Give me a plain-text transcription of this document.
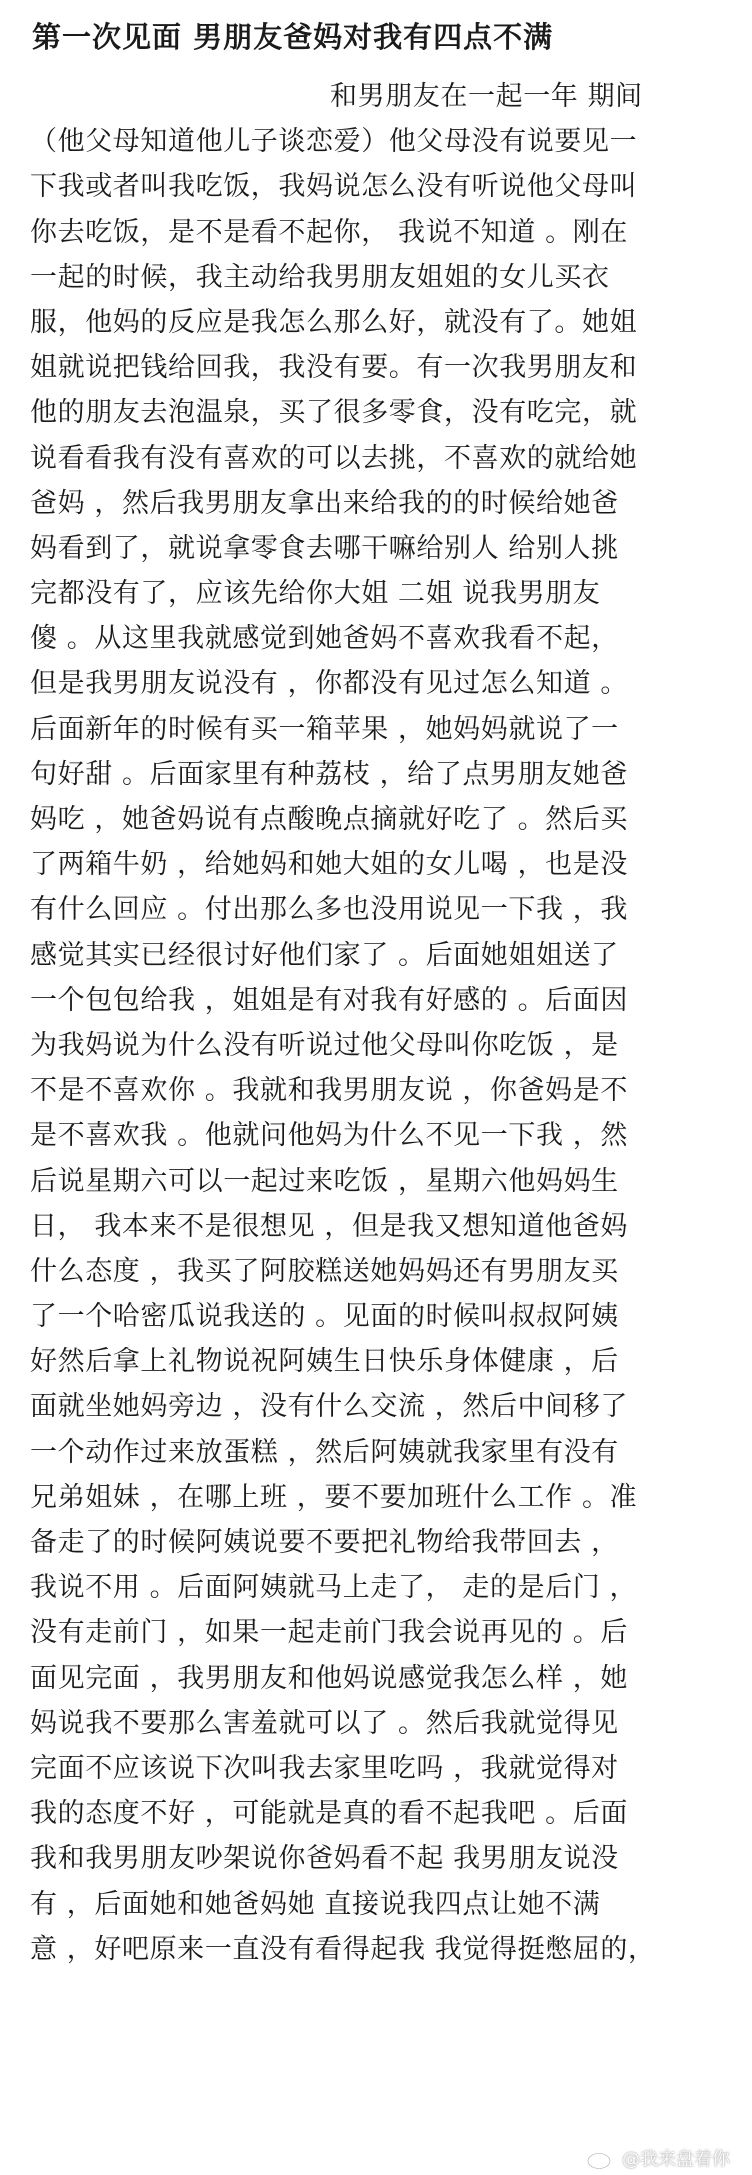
第一次见面 男朋友爸妈对我有四点不满
和男朋友在一起一年 期间
（他父母知道他儿子谈恋爱）他父母没有说要见一
下我或者叫我吃饭，我妈说怎么没有听说他父母叫
你去吃饭，是不是看不起你， 我说不知道 。刚在
一起的时候，我主动给我男朋友姐姐的女儿买衣
服，他妈的反应是我怎么那么好，就没有了。她姐
姐就说把钱给回我，我没有要。有一次我男朋友和
他的朋友去泡温泉，买了很多零食，没有吃完，就
说看看我有没有喜欢的可以去挑，不喜欢的就给她
爸妈 ，然后我男朋友拿出来给我的的时候给她爸
妈看到了，就说拿零食去哪干嘛给别人 给别人挑
完都没有了，应该先给你大姐 二姐 说我男朋友
傻 。从这里我就感觉到她爸妈不喜欢我看不起，
但是我男朋友说没有 ，你都没有见过怎么知道 。
后面新年的时候有买一箱苹果 ，她妈妈就说了一
句好甜 。后面家里有种荔枝 ，给了点男朋友她爸
妈吃 ，她爸妈说有点酸晚点摘就好吃了 。然后买
了两箱牛奶 ，给她妈和她大姐的女儿喝 ，也是没
有什么回应 。付出那么多也没用说见一下我 ，我
感觉其实已经很讨好他们家了 。后面她姐姐送了
一个包包给我 ，姐姐是有对我有好感的 。后面因
为我妈说为什么没有听说过他父母叫你吃饭 ，是
不是不喜欢你 。我就和我男朋友说 ，你爸妈是不
是不喜欢我 。他就问他妈为什么不见一下我 ，然
后说星期六可以一起过来吃饭 ，星期六他妈妈生
日， 我本来不是很想见 ，但是我又想知道他爸妈
什么态度 ，我买了阿胶糕送她妈妈还有男朋友买
了一个哈密瓜说我送的 。见面的时候叫叔叔阿姨
好然后拿上礼物说祝阿姨生日快乐身体健康 ，后
面就坐她妈旁边 ，没有什么交流 ，然后中间移了
一个动作过来放蛋糕 ，然后阿姨就我家里有没有
兄弟姐妹 ，在哪上班 ，要不要加班什么工作 。准
备走了的时候阿姨说要不要把礼物给我带回去 ，
我说不用 。后面阿姨就马上走了， 走的是后门 ，
没有走前门 ，如果一起走前门我会说再见的 。后
面见完面 ，我男朋友和他妈说感觉我怎么样 ，她
妈说我不要那么害羞就可以了 。然后我就觉得见
完面不应该说下次叫我去家里吃吗 ，我就觉得对
我的态度不好 ，可能就是真的看不起我吧 。后面
我和我男朋友吵架说你爸妈看不起 我男朋友说没
有 ，后面她和她爸妈她 直接说我四点让她不满
意 ，好吧原来一直没有看得起我 我觉得挺憋屈的，
@我来盘着你
